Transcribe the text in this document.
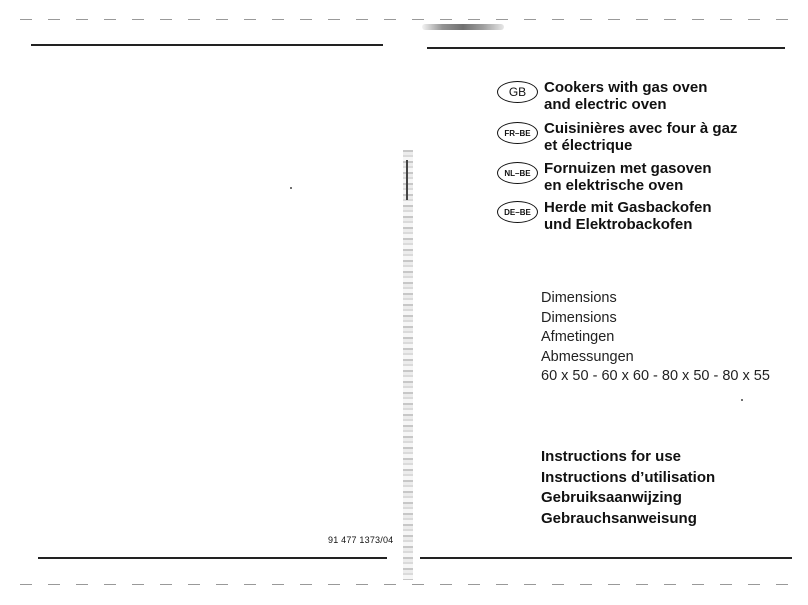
91 477 1373/04
GB	Cookers with gas oven
and electric oven
FR–BE Cuisinières avec four à gaz
et électrique
NL–BE Fornuizen met gasoven
en elektrische oven
DE–BE Herde mit Gasbackofen
und Elektrobackofen
Dimensions
Dimensions
Afmetingen
Abmessungen
60 x 50 - 60 x 60 - 80 x 50 - 80 x 55
Instructions for use
Instructions d’utilisation
Gebruiksaanwijzing
Gebrauchsanweisung
